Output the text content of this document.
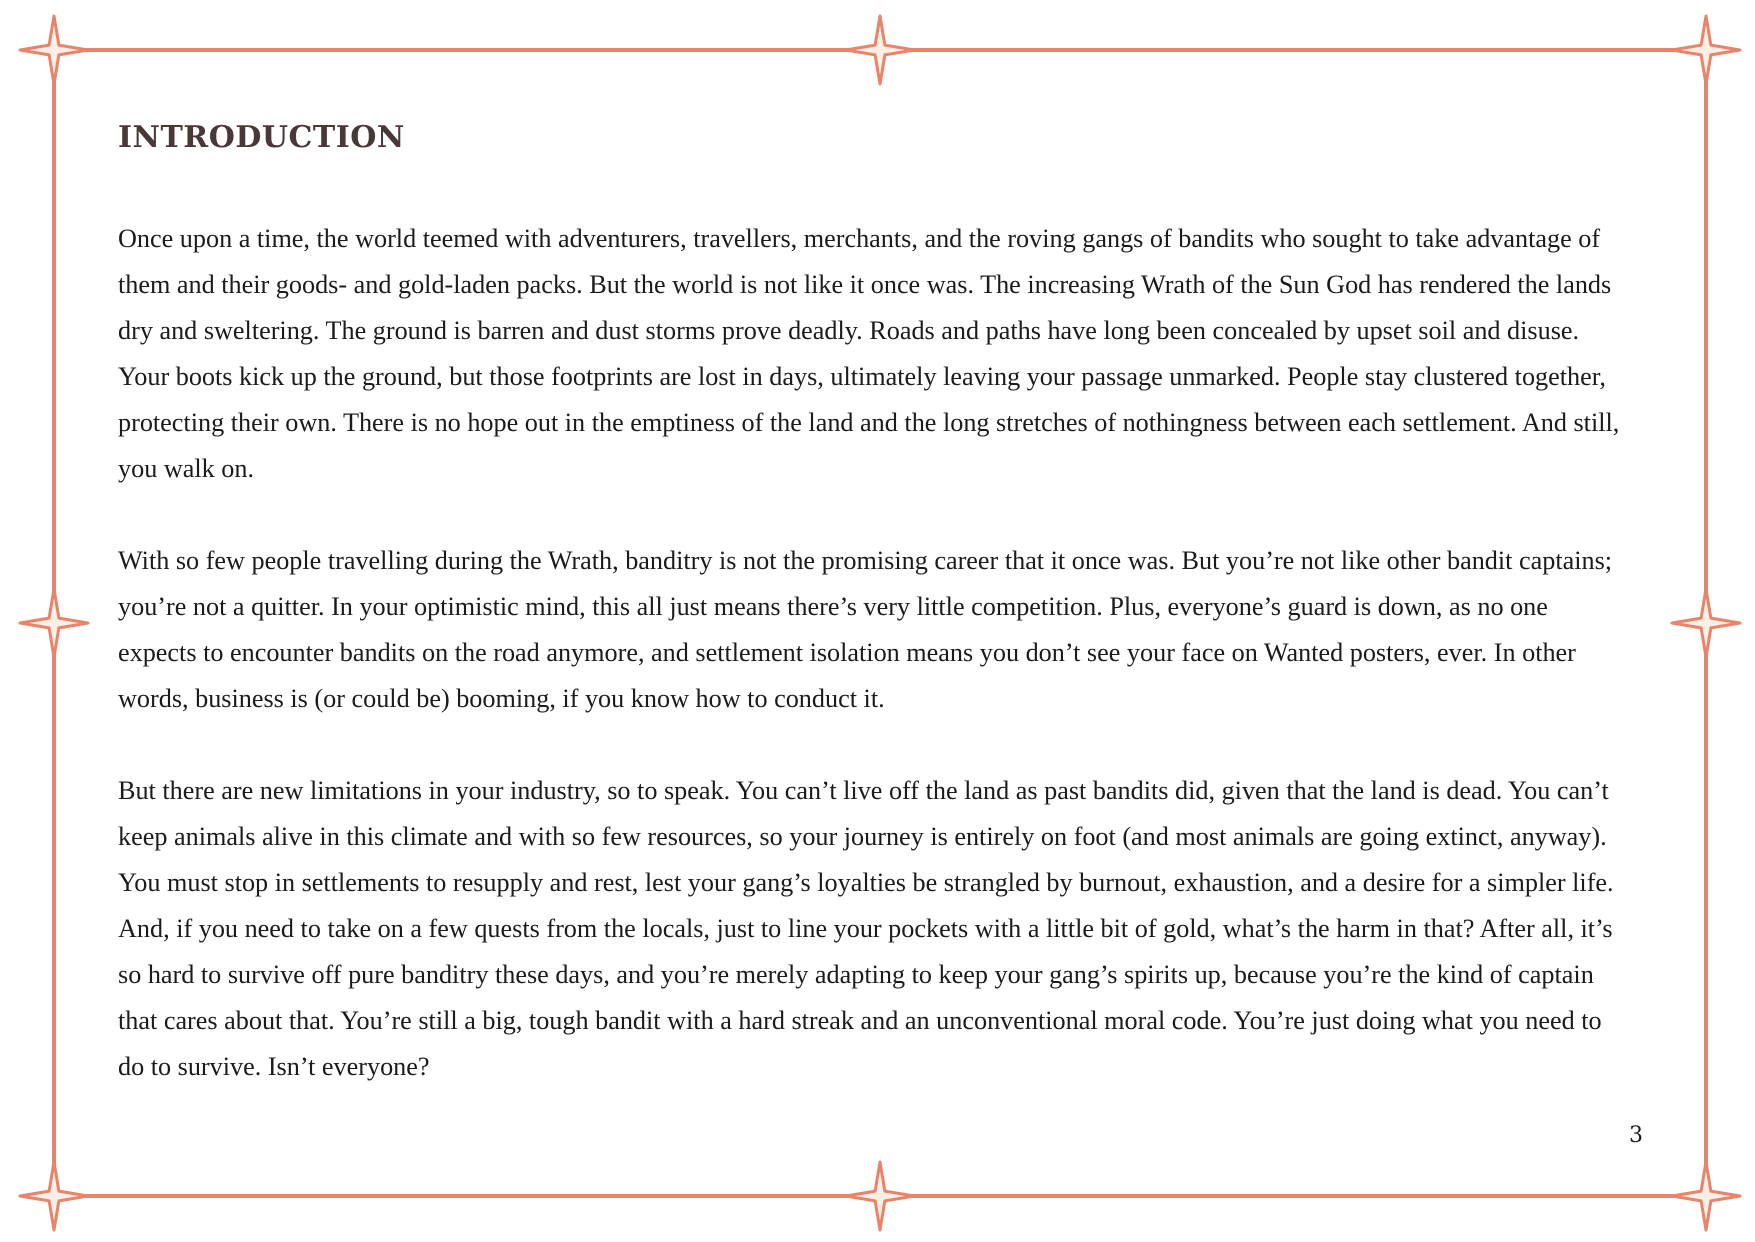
INTRODUCTION

Once upon a time, the world teemed with adventurers, travellers, merchants, and the roving gangs of bandits who sought to take advantage of them and their goods- and gold-laden packs. But the world is not like it once was. The increasing Wrath of the Sun God has rendered the lands dry and sweltering. The ground is barren and dust storms prove deadly. Roads and paths have long been concealed by upset soil and disuse. Your boots kick up the ground, but those footprints are lost in days, ultimately leaving your passage unmarked. People stay clustered together, protecting their own. There is no hope out in the emptiness of the land and the long stretches of nothingness between each settlement. And still, you walk on.

With so few people travelling during the Wrath, banditry is not the promising career that it once was. But you’re not like other bandit captains; you’re not a quitter. In your optimistic mind, this all just means there’s very little competition. Plus, everyone’s guard is down, as no one expects to encounter bandits on the road anymore, and settlement isolation means you don’t see your face on Wanted posters, ever. In other words, business is (or could be) booming, if you know how to conduct it.

But there are new limitations in your industry, so to speak. You can’t live off the land as past bandits did, given that the land is dead. You can’t keep animals alive in this climate and with so few resources, so your journey is entirely on foot (and most animals are going extinct, anyway). You must stop in settlements to resupply and rest, lest your gang’s loyalties be strangled by burnout, exhaustion, and a desire for a simpler life. And, if you need to take on a few quests from the locals, just to line your pockets with a little bit of gold, what’s the harm in that? After all, it’s so hard to survive off pure banditry these days, and you’re merely adapting to keep your gang’s spirits up, because you’re the kind of captain that cares about that. You’re still a big, tough bandit with a hard streak and an unconventional moral code. You’re just doing what you need to do to survive. Isn’t everyone?

3
